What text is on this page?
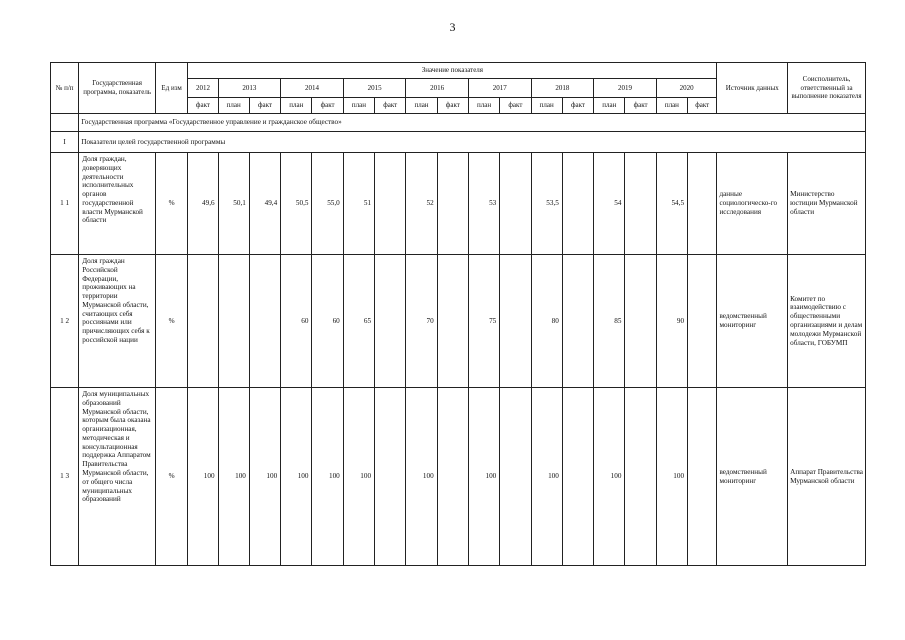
3
№ п/п	Государственная программа, показатель	Ед изм	Значение показателя																	Источник данных	Соисполнитель, ответственный за выполнение показателя
			2012	2013		2014		2015		2016		2017		2018		2019		2020			
			факт	план	факт	план	факт	план	факт	план	факт	план	факт	план	факт	план	факт	план	факт		
	Государственная программа «Государственное управление и гражданское общество»																				
I	Показатели целей государственной программы																				
1 1	Доля граждан, доверяющих деятельности исполнительных органов государственной власти Мурманской области	%	49,6	50,1	49,4	50,5	55,0	51		52		53		53,5		54		54,5		данные социологическо-го исследования	Министерство юстиции Мурманской области
1 2	Доля граждан Российской Федерации, проживающих на территории Мурманской области, считающих себя россиянами или причисляющих себя к российской нации	%				60	60	65		70		75		80		85		90		ведомственный мониторинг	Комитет по взаимодействию с общественными организациями и делам молодежи Мурманской области, ГОБУМП
1 3	Доля муниципальных образований Мурманской области, которым была оказана организационная, методическая и консультационная поддержка Аппаратом Правительства Мурманской области, от общего числа муниципальных образований	%	100	100	100	100	100	100		100		100		100		100		100		ведомственный мониторинг	Аппарат Правительства Мурманской области
